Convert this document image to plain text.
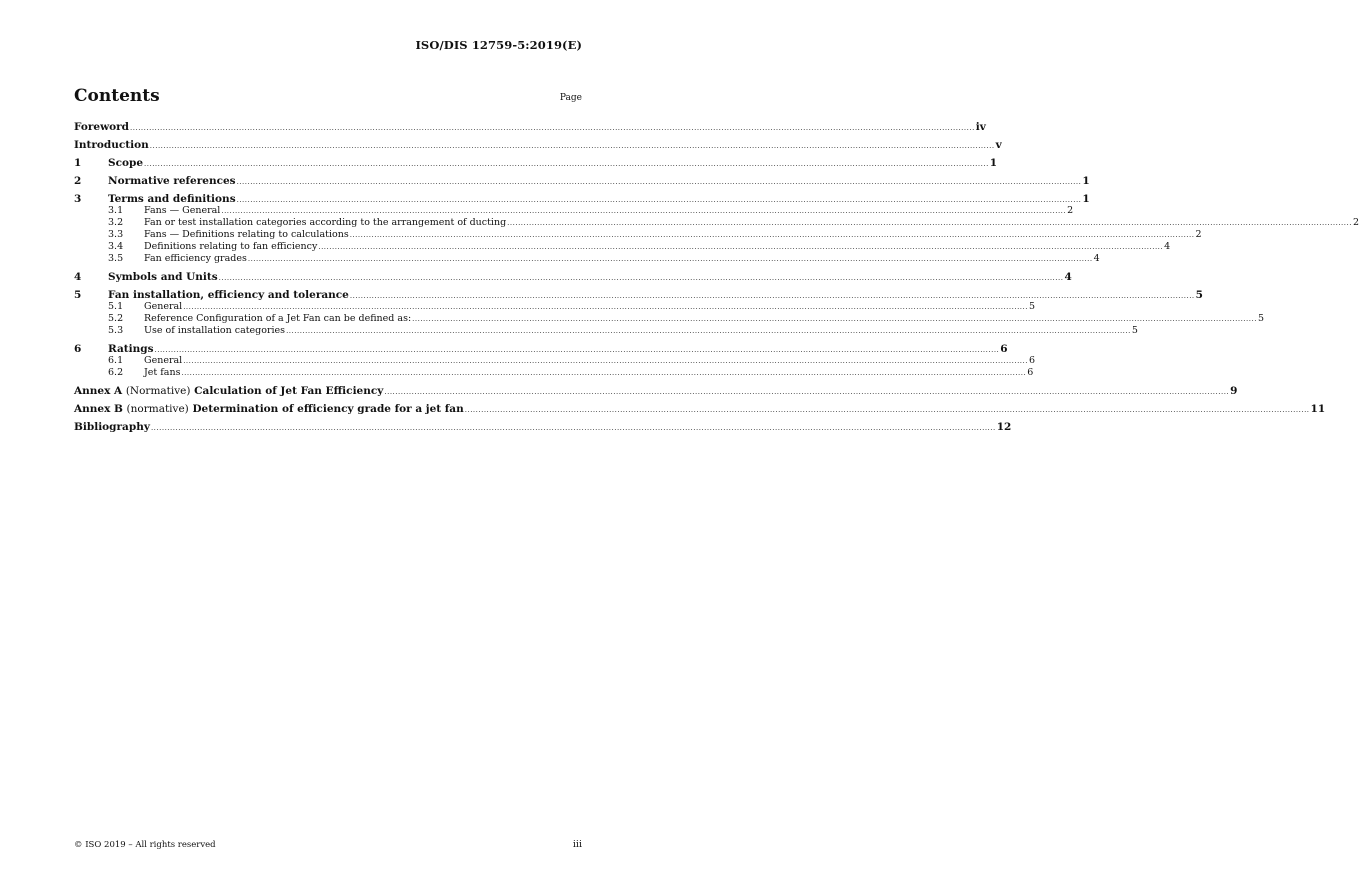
ISO/DIS 12759-5:2019(E)
Contents	Page
Foreword .....	iv
Introduction .....	v
1	Scope .....	1
2	Normative references .....	1
3	Terms and definitions .....	1
3.1	Fans — General .....	2
3.2	Fan or test installation categories according to the arrangement of ducting .....	2
3.3	Fans — Definitions relating to calculations .....	2
3.4	Definitions relating to fan efficiency .....	4
3.5	Fan efficiency grades .....	4
4	Symbols and Units .....	4
5	Fan installation, efficiency and tolerance .....	5
5.1	General .....	5
5.2	Reference Configuration of a Jet Fan can be defined as: .....	5
5.3	Use of installation categories .....	5
6	Ratings .....	6
6.1	General .....	6
6.2	Jet fans .....	6
Annex A (Normative) Calculation of Jet Fan Efficiency .....	9
Annex B (normative) Determination of efficiency grade for a jet fan .....	11
Bibliography .....	12
© ISO 2019 – All rights reserved	iii
